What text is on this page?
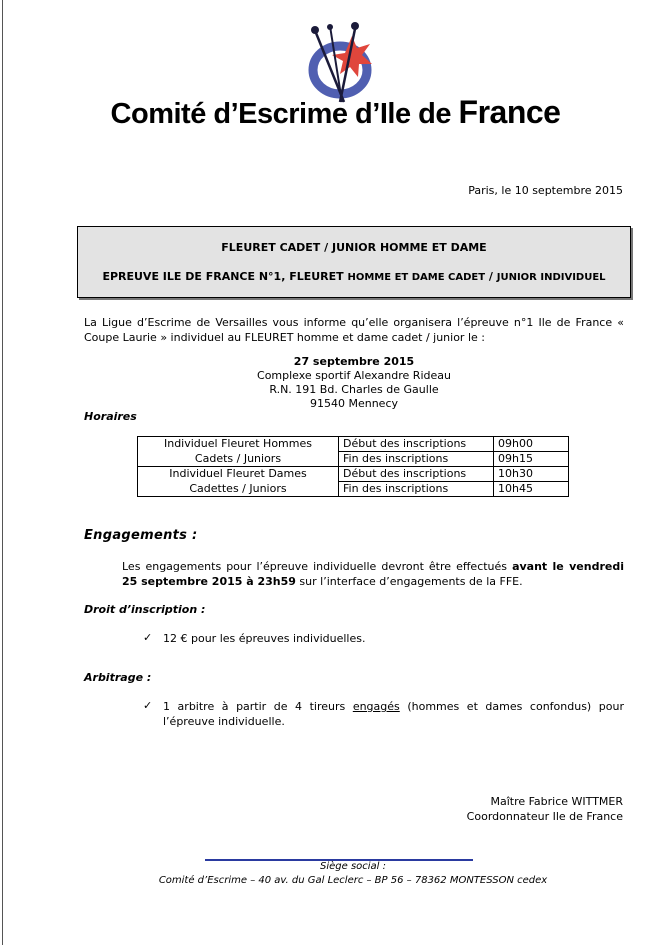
Comité d’Escrime d’Ile de France
Paris, le 10 septembre 2015
FLEURET CADET / JUNIOR HOMME ET DAME
EPREUVE ILE DE FRANCE N°1, FLEURET HOMME ET DAME CADET / JUNIOR INDIVIDUEL
La Ligue d’Escrime de Versailles vous informe qu’elle organisera l’épreuve n°1 Ile de France « Coupe Laurie » individuel au FLEURET homme et dame cadet / junior le :
27 septembre 2015
Complexe sportif Alexandre Rideau
R.N. 191 Bd. Charles de Gaulle
91540 Mennecy
Horaires
Individuel Fleuret Hommes	Début des inscriptions	09h00
Cadets / Juniors	Fin des inscriptions	09h15
Individuel Fleuret Dames	Début des inscriptions	10h30
Cadettes / Juniors	Fin des inscriptions	10h45
Engagements :
Les engagements pour l’épreuve individuelle devront être effectués avant le vendredi 25 septembre 2015 à 23h59 sur l’interface d’engagements de la FFE.
Droit d’inscription :
✓ 12 € pour les épreuves individuelles.
Arbitrage :
✓ 1 arbitre à partir de 4 tireurs engagés (hommes et dames confondus) pour l’épreuve individuelle.
Maître Fabrice WITTMER
Coordonnateur Ile de France
Siège social :
Comité d’Escrime – 40 av. du Gal Leclerc – BP 56 – 78362 MONTESSON cedex
